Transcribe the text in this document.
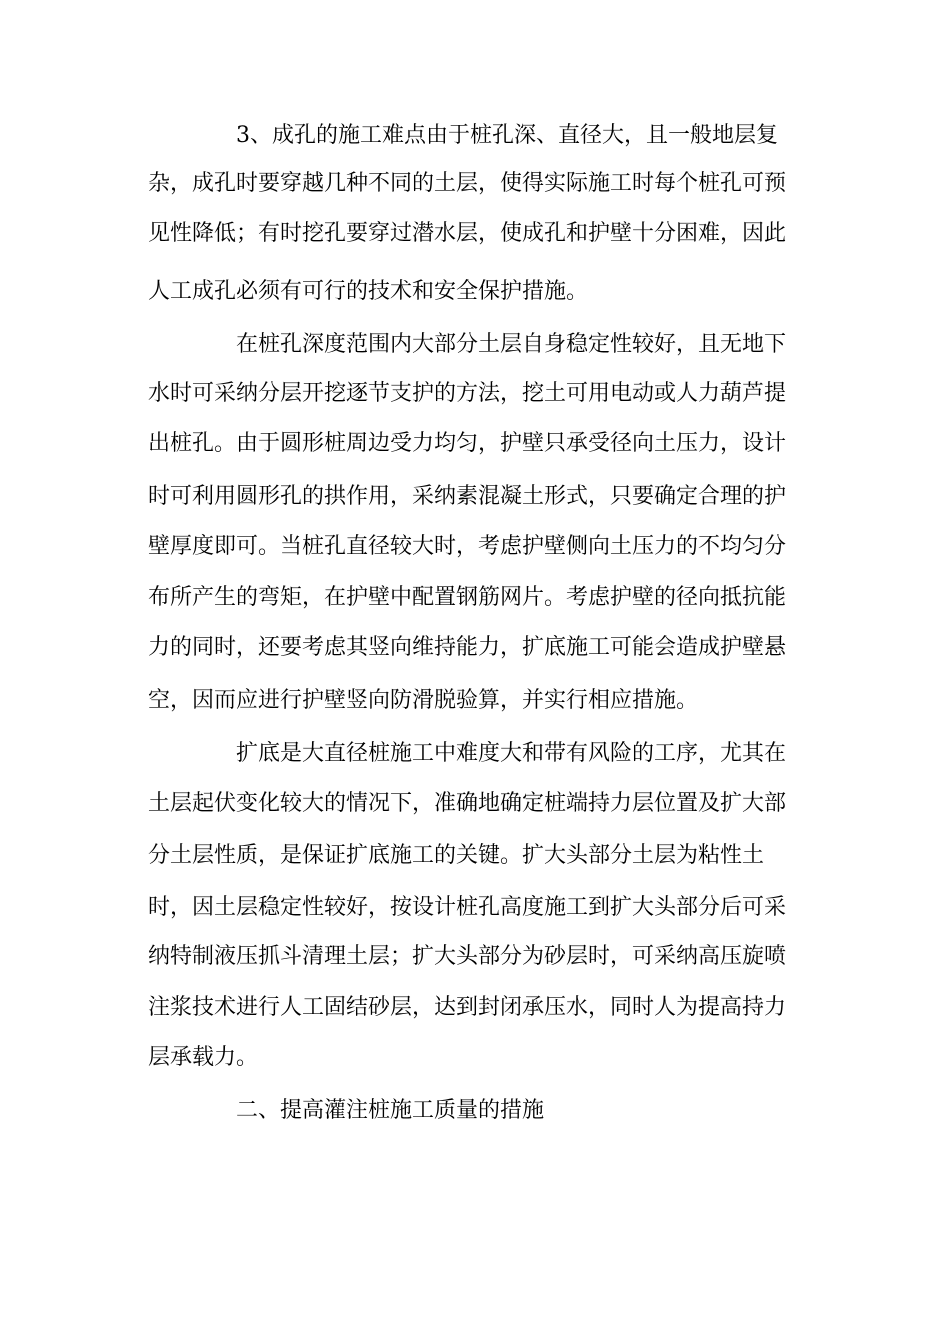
3、成孔的施工难点由于桩孔深、直径大，且一般地层复
杂，成孔时要穿越几种不同的土层，使得实际施工时每个桩孔可预
见性降低；有时挖孔要穿过潜水层，使成孔和护壁十分困难，因此
人工成孔必须有可行的技术和安全保护措施。
在桩孔深度范围内大部分土层自身稳定性较好，且无地下
水时可采纳分层开挖逐节支护的方法，挖土可用电动或人力葫芦提
出桩孔。由于圆形桩周边受力均匀，护壁只承受径向土压力，设计
时可利用圆形孔的拱作用，采纳素混凝土形式，只要确定合理的护
壁厚度即可。当桩孔直径较大时，考虑护壁侧向土压力的不均匀分
布所产生的弯矩，在护壁中配置钢筋网片。考虑护壁的径向抵抗能
力的同时，还要考虑其竖向维持能力，扩底施工可能会造成护壁悬
空，因而应进行护壁竖向防滑脱验算，并实行相应措施。
扩底是大直径桩施工中难度大和带有风险的工序，尤其在
土层起伏变化较大的情况下，准确地确定桩端持力层位置及扩大部
分土层性质，是保证扩底施工的关键。扩大头部分土层为粘性土
时，因土层稳定性较好，按设计桩孔高度施工到扩大头部分后可采
纳特制液压抓斗清理土层；扩大头部分为砂层时，可采纳高压旋喷
注浆技术进行人工固结砂层，达到封闭承压水，同时人为提高持力
层承载力。
二、提高灌注桩施工质量的措施
